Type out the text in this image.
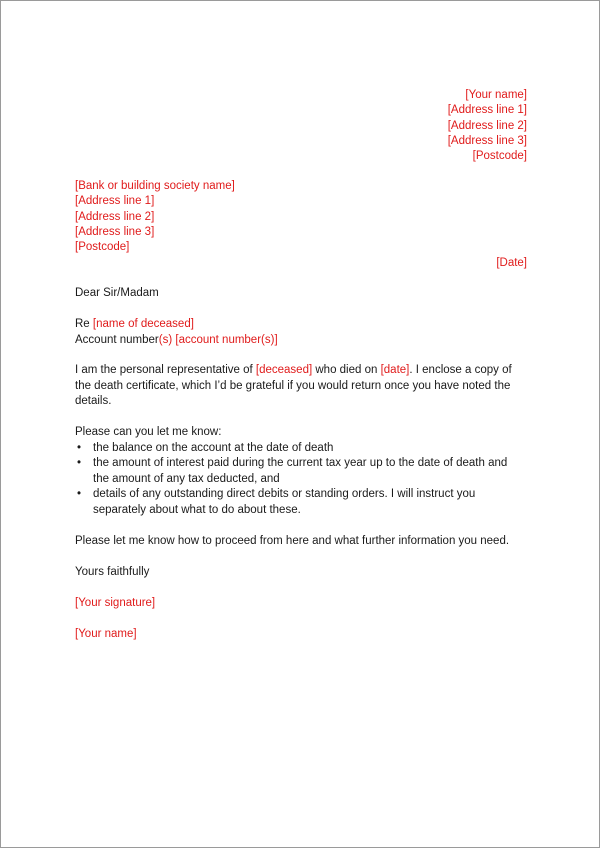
[Your name]
[Address line 1]
[Address line 2]
[Address line 3]
[Postcode]
[Bank or building society name]
[Address line 1]
[Address line 2]
[Address line 3]
[Postcode]
[Date]

Dear Sir/Madam

Re [name of deceased]

Account number(s) [account number(s)]

I am the personal representative of [deceased] who died on [date]. I enclose a copy of the death certificate, which I’d be grateful if you would return once you have noted the details.

Please can you let me know:

• the balance on the account at the date of death
• the amount of interest paid during the current tax year up to the date of death and the amount of any tax deducted, and
• details of any outstanding direct debits or standing orders. I will instruct you separately about what to do about these.

Please let me know how to proceed from here and what further information you need.

Yours faithfully

[Your signature]

[Your name]
